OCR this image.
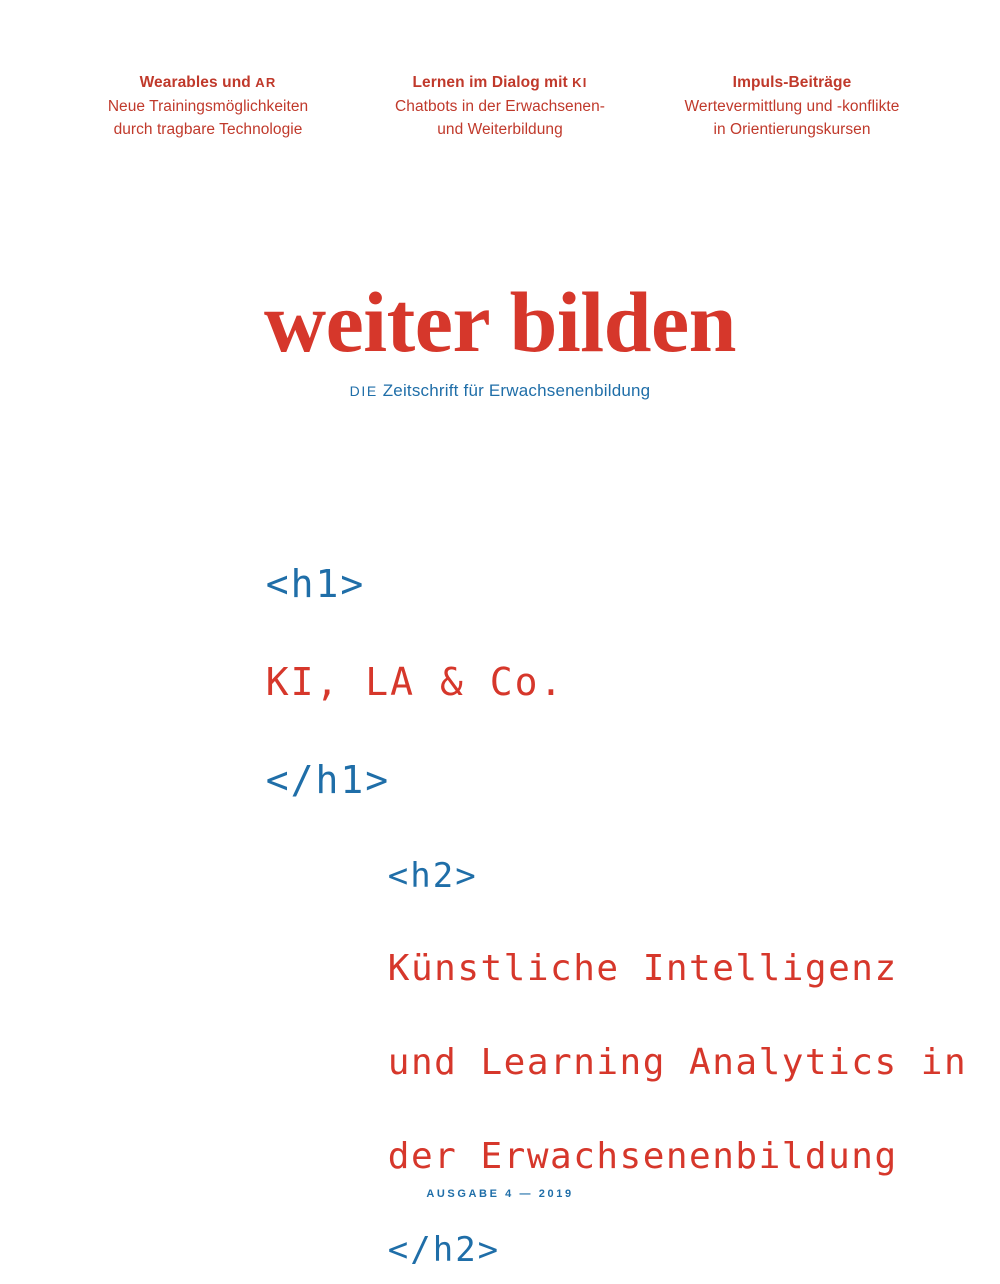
Wearables und AR
Neue Trainingsmöglichkeiten
durch tragbare Technologie
Lernen im Dialog mit KI
Chatbots in der Erwachsenen-
und Weiterbildung
Impuls-Beiträge
Wertevermittlung und -konflikte
in Orientierungskursen
weiter bilden
DIE Zeitschrift für Erwachsenenbildung

<h1>

KI, LA & Co.

</h1>

<h2>

Künstliche Intelligenz

und Learning Analytics in

der Erwachsenenbildung

</h2>

AUSGABE 4 — 2019
